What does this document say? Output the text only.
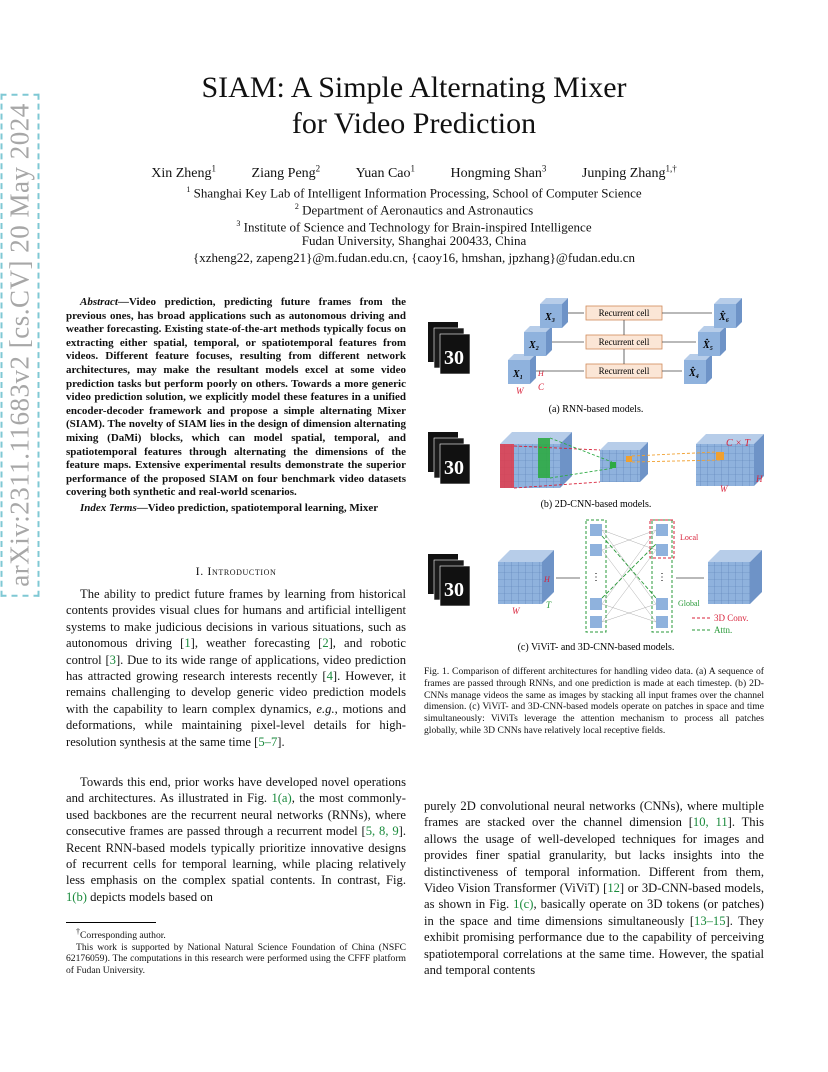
SIAM: A Simple Alternating Mixer
for Video Prediction
Xin Zheng$^1$	Ziang Peng$^2$	Yuan Cao$^1$	Hongming Shan$^3$	Junping Zhang$^{1,\dagger}$
$^1$ Shanghai Key Lab of Intelligent Information Processing, School of Computer Science
$^2$ Department of Aeronautics and Astronautics
$^3$ Institute of Science and Technology for Brain-inspired Intelligence
Fudan University, Shanghai 200433, China
{xzheng22, zapeng21}@m.fudan.edu.cn, {caoy16, hmshan, jpzhang}@fudan.edu.cn
arXiv:2311.11683v2 [cs.CV] 20 May 2024	Abstract—Video prediction, predicting future frames from the previous ones, has broad applications such as autonomous driving and weather forecasting. Existing state-of-the-art methods typically focus on extracting either spatial, temporal, or spatiotemporal features from videos. Different feature focuses, resulting from different network architectures, may make the resultant models excel at some video prediction tasks but perform poorly on others. Towards a more generic video prediction solution, we explicitly model these features in a unified encoder-decoder framework and propose a simple alternating Mixer (SIAM). The novelty of SIAM lies in the design of dimension alternating mixing (DaMi) blocks, which can model spatial, temporal, and spatiotemporal features through alternating the dimensions of the feature maps. Extensive experimental results demonstrate the superior performance of the proposed SIAM on four benchmark video datasets covering both synthetic and real-world scenarios.
Index Terms—Video prediction, spatiotemporal learning, Mixer
I. Introduction
The ability to predict future frames by learning from historical contents provides visual clues for humans and artificial intelligent systems to make judicious decisions in various situations, such as autonomous driving [1], weather forecasting [2], and robotic control [3]. Due to its wide range of applications, video prediction has attracted growing research interests recently [4]. However, it remains challenging to develop generic video prediction models with the capability to learn complex dynamics, e.g., motions and deformations, while maintaining pixel-level details for high-resolution synthesis at the same time [5–7].
Towards this end, prior works have developed novel operations and architectures. As illustrated in Fig. 1(a), the most commonly-used backbones are the recurrent neural networks (RNNs), where consecutive frames are passed through a recurrent model [5, 8, 9]. Recent RNN-based models typically prioritize innovative designs of recurrent cells for temporal learning, while placing relatively less emphasis on the complex spatial contents. In contrast, Fig. 1(b) depicts models based on
†Corresponding author.
This work is supported by National Natural Science Foundation of China (NSFC 62176059). The computations in this research were performed using the CFFF platform of Fudan University.
purely 2D convolutional neural networks (CNNs), where multiple frames are stacked over the channel dimension [10, 11]. This allows the usage of well-developed techniques for images and provides finer spatial granularity, but lacks insights into the distinctiveness of temporal information. Different from them, Video Vision Transformer (ViViT) [12] or 3D-CNN-based models, as shown in Fig. 1(c), basically operate on 3D tokens (or patches) in the space and time dimensions simultaneously [13–15]. They exhibit promising performance due to the capability of perceiving spatiotemporal correlations at the same time. However, the spatial and temporal contents
30
X₁
X₂
X₃
W C
H
Recurrent cell
Recurrent cell
Recurrent cell	X̂₄
X̂₅
X̂₆
(a) RNN-based models.
30
C × T
W
H
(b) 2D-CNN-based models.
30	H
W
T
⋮	⋮
Local
Global
3D Conv.
Attn.
(c) ViViT- and 3D-CNN-based models.
Fig. 1. Comparison of different architectures for handling video data. (a) A sequence of frames are passed through RNNs, and one prediction is made at each timestep. (b) 2D-CNNs manage videos the same as images by stacking all input frames over the channel dimension. (c) ViViT- and 3D-CNN-based models operate on patches in space and time simultaneously: ViViTs leverage the attention mechanism to process all patches globally, while 3D CNNs have relatively local receptive fields.
